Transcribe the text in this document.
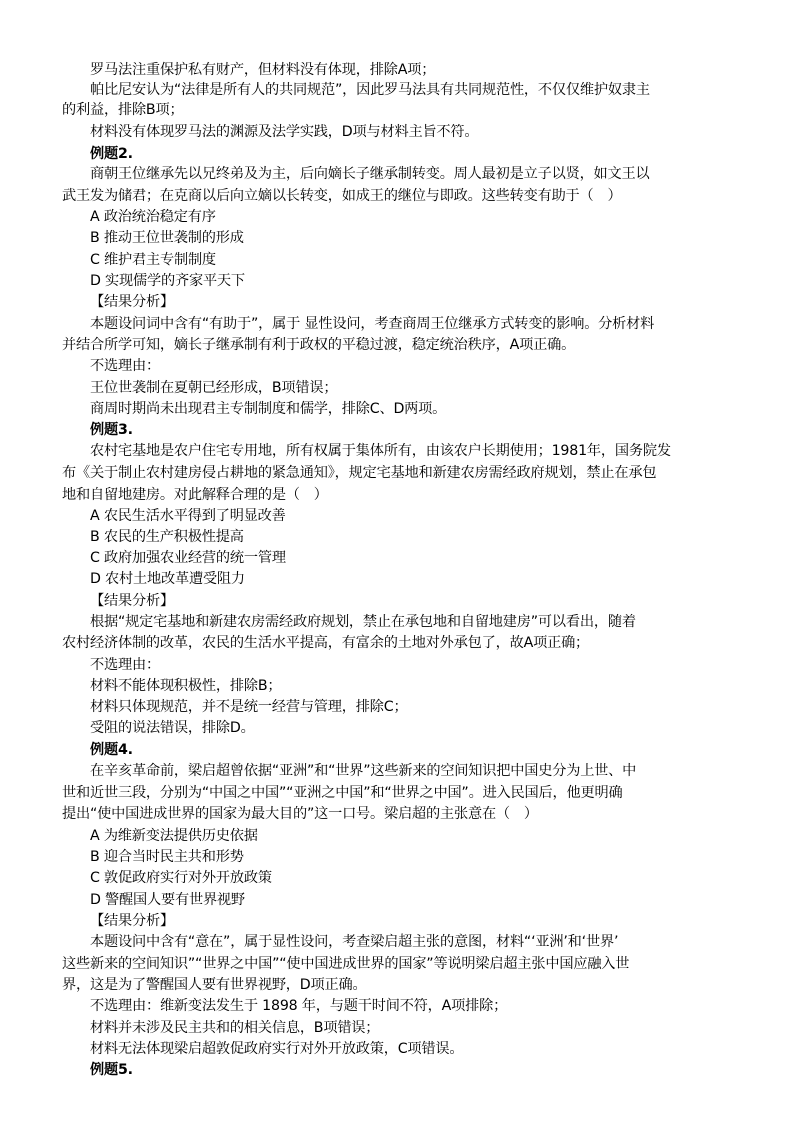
罗马法注重保护私有财产，但材料没有体现，排除A项；
帕比尼安认为“法律是所有人的共同规范”，因此罗马法具有共同规范性，不仅仅维护奴隶主
的利益，排除B项；
材料没有体现罗马法的渊源及法学实践，D项与材料主旨不符。
例题2.
商朝王位继承先以兄终弟及为主，后向嫡长子继承制转变。周人最初是立子以贤，如文王以
武王发为储君；在克商以后向立嫡以长转变，如成王的继位与即政。这些转变有助于（　）
A 政治统治稳定有序
B 推动王位世袭制的形成
C 维护君主专制制度
D 实现儒学的齐家平天下
【结果分析】
本题设问词中含有“有助于”，属于 显性设问，考查商周王位继承方式转变的影响。分析材料
并结合所学可知，嫡长子继承制有利于政权的平稳过渡，稳定统治秩序，A项正确。
不选理由：
王位世袭制在夏朝已经形成，B项错误；
商周时期尚未出现君主专制制度和儒学，排除C、D两项。
例题3.
农村宅基地是农户住宅专用地，所有权属于集体所有，由该农户长期使用；1981年，国务院发
布《关于制止农村建房侵占耕地的紧急通知》，规定宅基地和新建农房需经政府规划，禁止在承包
地和自留地建房。对此解释合理的是（　）
A 农民生活水平得到了明显改善
B 农民的生产积极性提高
C 政府加强农业经营的统一管理
D 农村土地改革遭受阻力
【结果分析】
根据“规定宅基地和新建农房需经政府规划，禁止在承包地和自留地建房”可以看出，随着
农村经济体制的改革，农民的生活水平提高，有富余的土地对外承包了，故A项正确；
不选理由：
材料不能体现积极性，排除B；
材料只体现规范，并不是统一经营与管理，排除C；
受阻的说法错误，排除D。
例题4.
在辛亥革命前，梁启超曾依据“亚洲”和“世界”这些新来的空间知识把中国史分为上世、中
世和近世三段，分别为“中国之中国”“亚洲之中国”和“世界之中国”。进入民国后，他更明确
提出“使中国进成世界的国家为最大目的”这一口号。梁启超的主张意在（　）
A 为维新变法提供历史依据
B 迎合当时民主共和形势
C 敦促政府实行对外开放政策
D 警醒国人要有世界视野
【结果分析】
本题设问中含有“意在”，属于显性设问，考查梁启超主张的意图，材料“‘亚洲’和‘世界’
这些新来的空间知识”“世界之中国”“使中国进成世界的国家”等说明梁启超主张中国应融入世
界，这是为了警醒国人要有世界视野，D项正确。
不选理由：维新变法发生于 1898 年，与题干时间不符，A项排除；
材料并未涉及民主共和的相关信息，B项错误；
材料无法体现梁启超敦促政府实行对外开放政策，C项错误。
例题5.
